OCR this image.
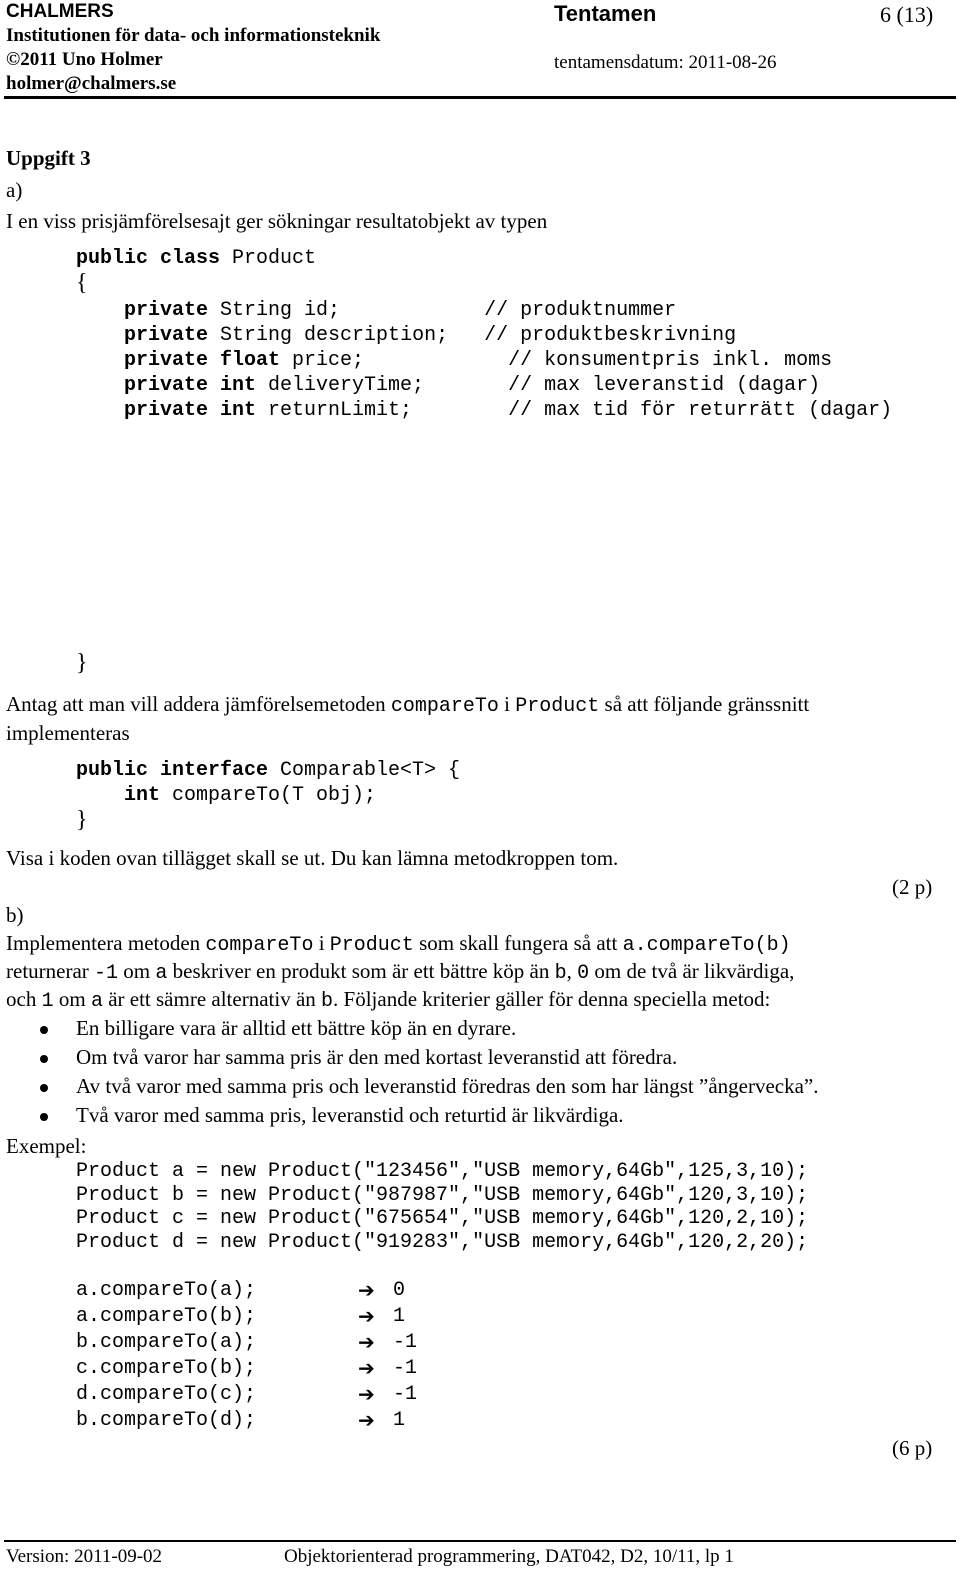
CHALMERS
Institutionen för data- och informationsteknik
©2011 Uno Holmer
holmer@chalmers.se
Tentamen	6 (13)
tentamensdatum: 2011-08-26
Uppgift 3
a)
I en viss prisjämförelsesajt ger sökningar resultatobjekt av typen
public class Product
{
private String id;            // produktnummer
private String description;   // produktbeskrivning
private float price;            // konsumentpris inkl. moms
private int deliveryTime;       // max leveranstid (dagar)
private int returnLimit;        // max tid för returrätt (dagar)
}
Antag att man vill addera jämförelsemetoden compareTo i Product så att följande gränssnitt
implementeras
public interface Comparable<T> {
int compareTo(T obj);
}
Visa i koden ovan tillägget skall se ut. Du kan lämna metodkroppen tom.
(2 p)
b)
Implementera metoden compareTo i Product som skall fungera så att a.compareTo(b)
returnerar -1 om a beskriver en produkt som är ett bättre köp än b, 0 om de två är likvärdiga,
och 1 om a är ett sämre alternativ än b. Följande kriterier gäller för denna speciella metod:
En billigare vara är alltid ett bättre köp än en dyrare.
Om två varor har samma pris är den med kortast leveranstid att föredra.
Av två varor med samma pris och leveranstid föredras den som har längst ”ångervecka”.
Två varor med samma pris, leveranstid och returtid är likvärdiga.
Exempel:
Product a = new Product("123456","USB memory,64Gb",125,3,10);
Product b = new Product("987987","USB memory,64Gb",120,3,10);
Product c = new Product("675654","USB memory,64Gb",120,2,10);
Product d = new Product("919283","USB memory,64Gb",120,2,20);
a.compareTo(a);	➔ 0
a.compareTo(b);	➔ 1
b.compareTo(a);	➔ -1
c.compareTo(b);	➔ -1
d.compareTo(c);	➔ -1
b.compareTo(d);	➔ 1
(6 p)
Version: 2011-09-02	Objektorienterad programmering, DAT042, D2, 10/11, lp 1
